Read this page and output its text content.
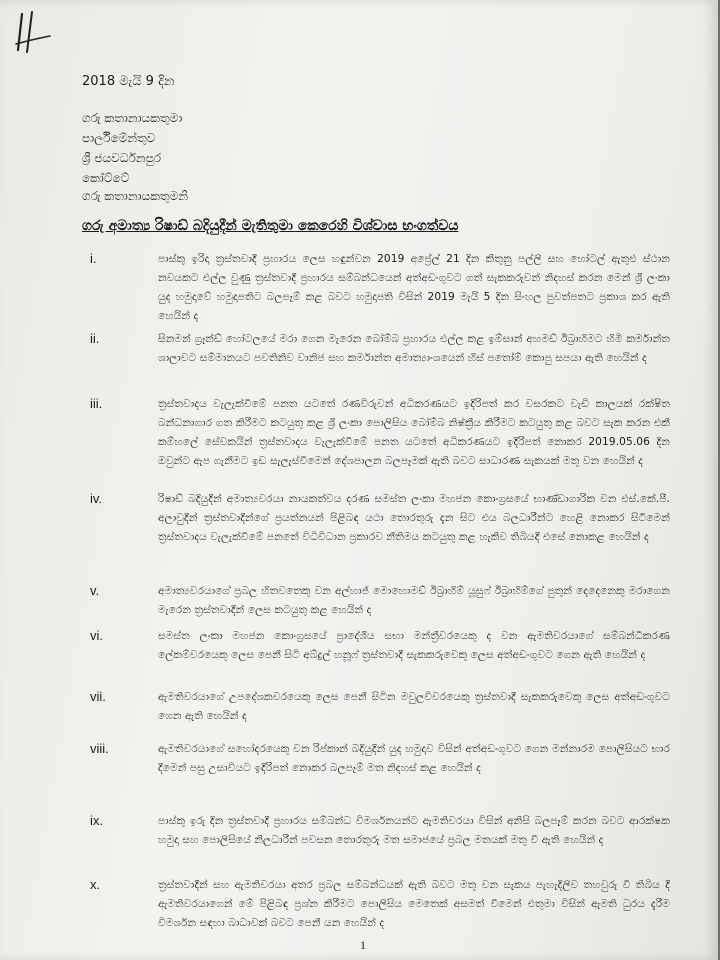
2018 මැයි 9 දින
ගරු කතානායකතුමා
පාර්ලිමේන්තුව
ශ්‍රී ජයවර්ධනපුර
කෝට්ටේ
ගරු කතානායකතුමනි
ගරු අමාත්‍ය රිෂාඩ් බදියුදීන් මැතිතුමා කෙරෙහි විශ්වාස භංගත්වය
i.	පාස්කු ඉරිදා ත්‍රස්තවාදී ප්‍රහාරය ලෙස හඳුන්වන 2019 අප්‍රේල් 21 දින කිතුනු පල්ලි සහ හෝටල් ඇතුළු ස්ථාන නවයකට එල්ල වුණු ත්‍රස්තවාදී ප්‍රහාරය සම්බන්ධයෙන් අත්අඩංගුවට ගත් සැකකරුවන් නිදහස් කරන මෙන් ශ්‍රී ලංකා යුද හමුදාවේ හමුදාපතිට බලපෑම් කළ බවට හමුදාපති විසින් 2019 මැයි 5 දින සිංහල පුවත්පතට ප්‍රකාශ කර ඇති හෙයින් ද
ii.	සිනමන් ග්‍රෑන්ඩ් හෝටලයේ මරා ගෙන මැරෙන බෝම්බ ප්‍රහාරය එල්ල කළ ඉම්සාන් අහමඩ් ඊබ්‍රාහිමට හිමි කර්මාන්ත ශාලාවට සම්මානයට පවතිනිව වානිජ සහ කර්මාන්ත අමාත්‍යාංශයෙන් හිස් පතෝම් කොපු සපයා ඇති හෙයින් ද
iii.	ත්‍රස්තවාදය වැලැක්වීමේ පනත යටතේ රණවිරුවන් අධිකරණයට ඉදිරිපත් කර වසරකට වැඩි කාලයක් රක්ෂිත බන්ධනාගාර ගත කිරීමට කටයුතු කළ ශ්‍රී ලංකා පොලිසිය බෝම්බ නිෂ්ක්‍රීය කිරීමට කටයුතු කළ බවට සැක කරන එකී කම්හලේ සේවකයින් ත්‍රස්තවාදය වැලැක්වීමේ පනත යටතේ අධිකරණයට ඉදිරිපත් නොකර 2019.05.06 දින ඔවුන්ට ඇප ගැනීමට ඉඩ සැලැස්වීමෙන් දේශපාලන බලපෑමක් ඇති බවට සාධාරණ සැකයක් මතු වන හෙයින් ද
iv.	රිෂාඩ් බදියුදීන් අමාත්‍යවරයා නායකත්වය දරණ සමස්ත ලංකා මහජන කොංග්‍රසයේ භාණ්ඩාගාරික වන එස්.කේ.පී. අලාවුදීන් ත්‍රස්තවාදීන්ගේ ප්‍රයත්නයන් පිළිබඳ යථා තොරතුරු දැන සිට එය බලධාරීන්ට හෙළි නොකර සිටීමෙන් ත්‍රස්තවාදය වැලැක්වීමේ පනතේ විධිවිධාන ප්‍රකාරව නීතිමය කටයුතු කළ හැකිව තිබියදී එසේ නොකළ හෙයින් ද
v.	අමාත්‍යවරයාගේ ප්‍රබල හිතවතෙකු වන අල්හාජ් මොහොමඩ් ඊබ්‍රාහිම් යූසුෆ් ඊබ්‍රාහිම්ගේ පුතුන් දෙදෙනෙකු මරාගෙන මැරෙන ත්‍රස්තවාදීන් ලෙස කටයුතු කළ හෙයින් ද
vi.	සමස්ත ලංකා මහජන කොංග්‍රසයේ ප්‍රාදේශීය සභා මන්ත්‍රීවරයෙකු ද වන ඇමතිවරයාගේ සම්බන්ධීකරණ ලේකම්වරයෙකු ලෙස පෙනී සිටි අබ්දුල් හනූෆ් ත්‍රස්තවාදී සැකකරුවෙකු ලෙස අත්අඩංගුවට ගෙන ඇති හෙයින් ද
vii.	ඇමතිවරයාගේ උපදේශකවරයෙකු ලෙස පෙනී සිටින මවුලවිවරයෙකු ත්‍රස්තවාදී සැකකරුවෙකු ලෙස අත්අඩංගුවට ගෙන ඇති හෙයින් ද
viii.	ඇමතිවරයාගේ සහෝදරයෙකු වන රිප්කාන් බදියුදීන් යුද හමුදාව විසින් අත්අඩංගුවට ගෙන මන්නාරම පොලිසියට භාර දීමෙන් පසු උසාවියට ඉදිරිපත් නොකර බලපෑම් මත නිදහස් කළ හෙයින් ද
ix.	පාස්කු ඉරු දින ත්‍රස්තවාදී ප්‍රහාරය සම්බන්ධ විමර්ශනයන්ට ඇමතිවරයා විසින් අනිසි බලපෑම් කරන බවට ආරක්ෂක හමුදා සහ පොලිසියේ නිලධාරීන් පවසන තොරතුරු මත සමාජයේ ප්‍රබල මතයක් මතු වී ඇති හෙයින් ද
x.	ත්‍රස්තවාදීන් සහ ඇමතිවරයා අතර ප්‍රබල සම්බන්ධයක් ඇති බවට මතු වන සැකය පැහැදිලිව තහවුරු වී තිබිය දී ඇමතිවරයාගෙන් මේ පිළිබඳ ප්‍රශ්න කිරීමට පොලිසිය මෙතෙක් අසමත් වීමෙන් එතුමා විසින් ඇමති ධුරය දැරීම විමර්ශන සඳහා බාධාවක් බවට පෙනී යන හෙයින් ද
1
